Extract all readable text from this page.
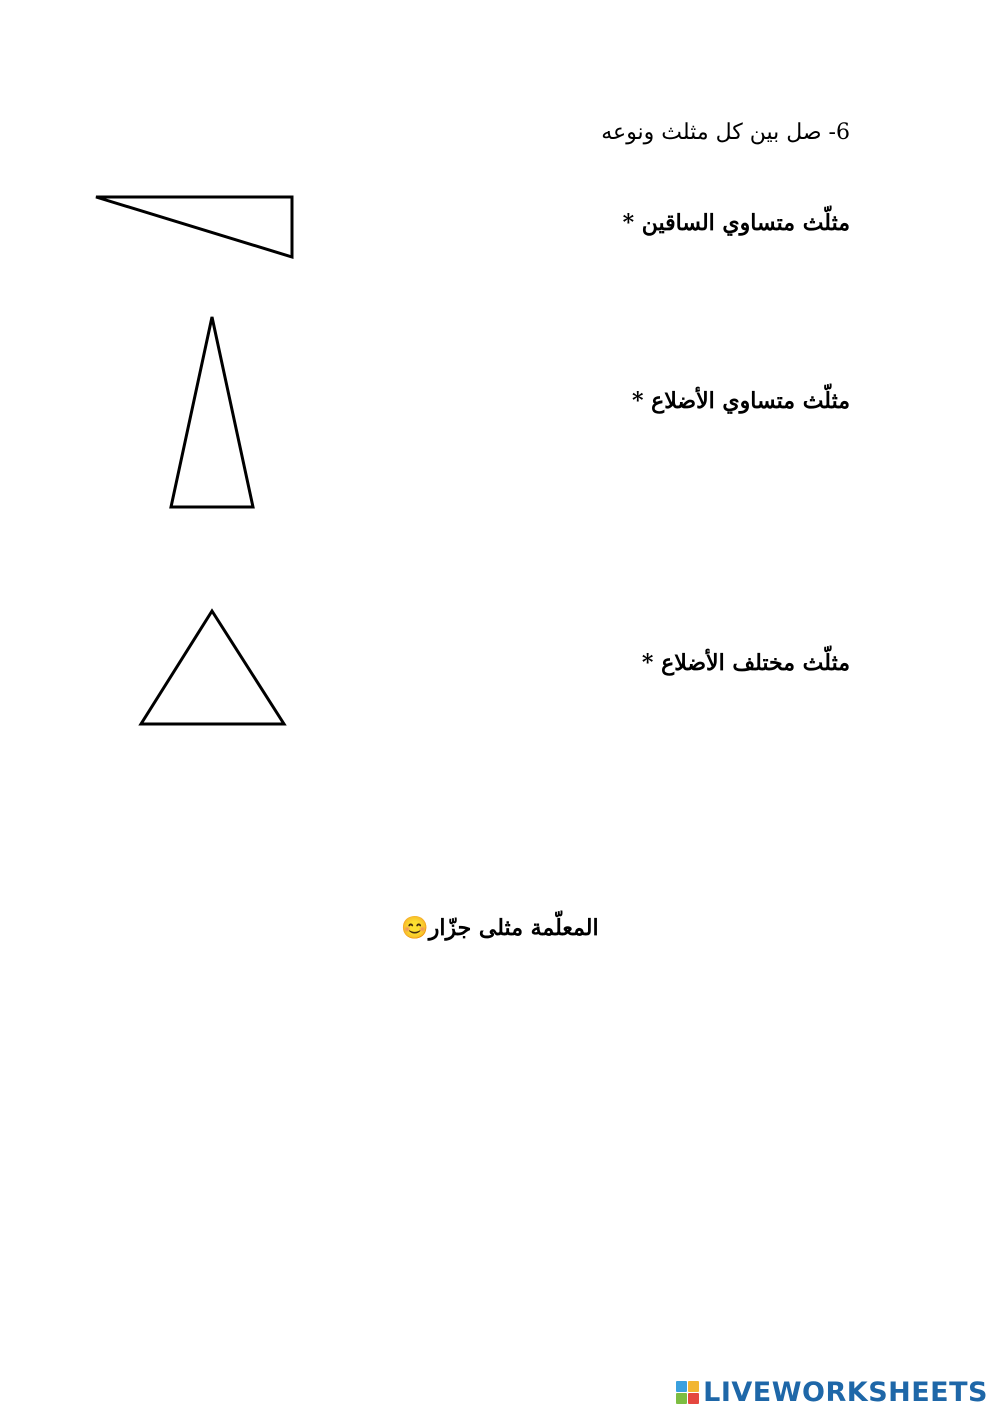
6- صل بين كل مثلث ونوعه
مثلّث متساوي الساقين *
مثلّث متساوي الأضلاع *
مثلّث مختلف الأضلاع *
المعلّمة مثلى جزّار😊
LIVEWORKSHEETS
